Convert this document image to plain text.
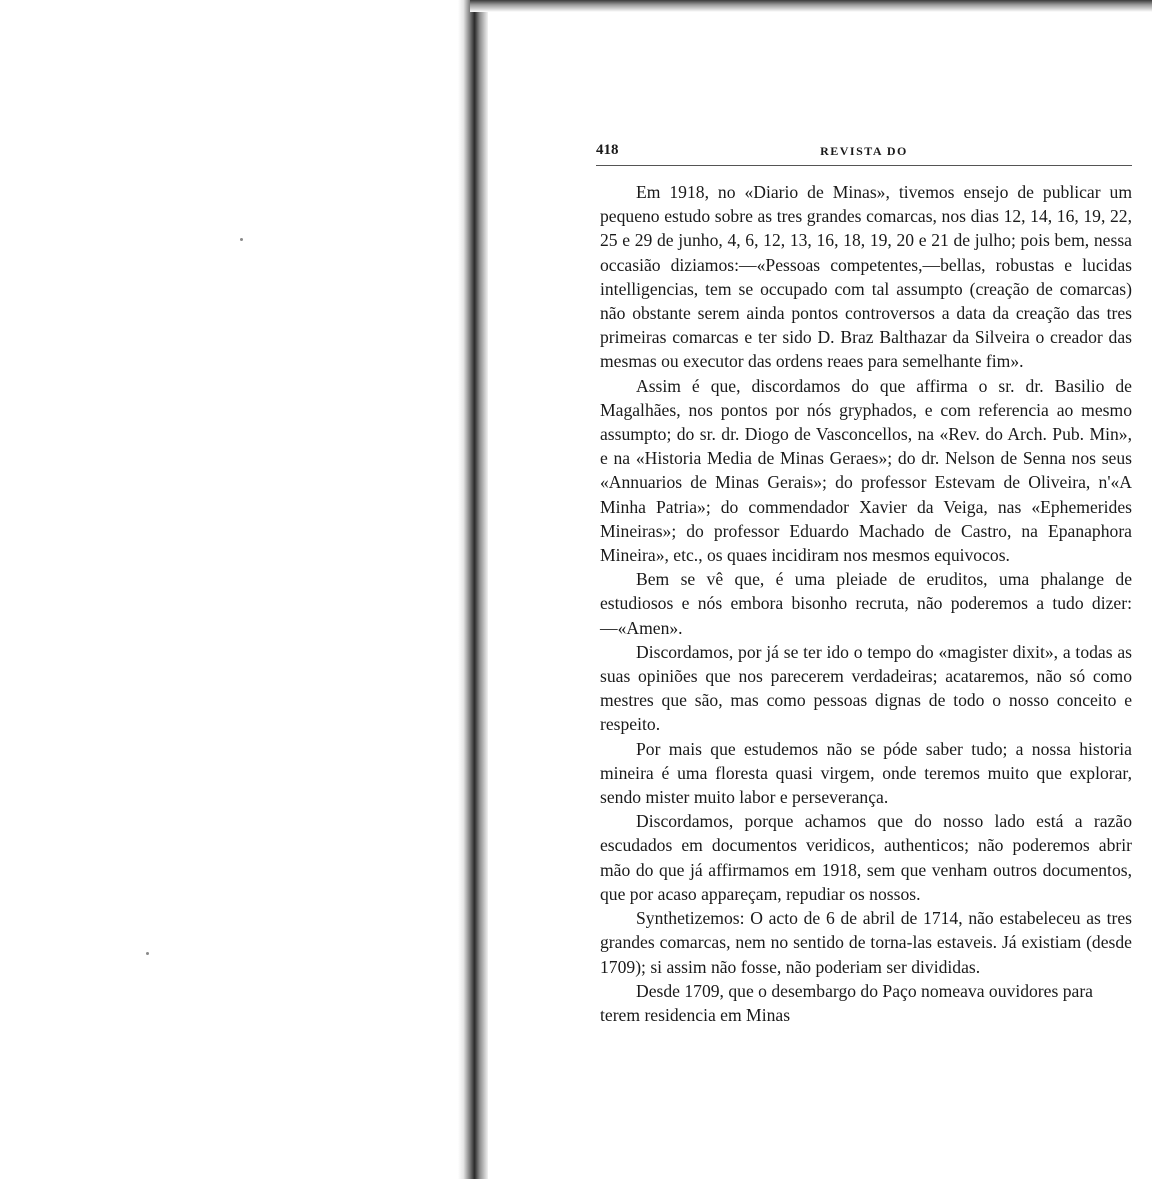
418	REVISTA DO

Em 1918, no «Diario de Minas», tivemos ensejo de publicar um pequeno estudo sobre as tres grandes comarcas, nos dias 12, 14, 16, 19, 22, 25 e 29 de junho, 4, 6, 12, 13, 16, 18, 19, 20 e 21 de julho; pois bem, nessa occasião diziamos:—«Pessoas competentes,—bellas, robustas e lucidas intelligencias, tem se occupado com tal assumpto (creação de comarcas) não obstante serem ainda pontos controversos a data da creação das tres primeiras comarcas e ter sido D. Braz Balthazar da Silveira o creador das mesmas ou executor das ordens reaes para semelhante fim».

Assim é que, discordamos do que affirma o sr. dr. Basilio de Magalhães, nos pontos por nós gryphados, e com referencia ao mesmo assumpto; do sr. dr. Diogo de Vasconcellos, na «Rev. do Arch. Pub. Min», e na «Historia Media de Minas Geraes»; do dr. Nelson de Senna nos seus «Annuarios de Minas Gerais»; do professor Estevam de Oliveira, n'«A Minha Patria»; do commendador Xavier da Veiga, nas «Ephemerides Mineiras»; do professor Eduardo Machado de Castro, na Epanaphora Mineira», etc., os quaes incidiram nos mesmos equivocos.

Bem se vê que, é uma pleiade de eruditos, uma phalange de estudiosos e nós embora bisonho recruta, não poderemos a tudo dizer:—«Amen».

Discordamos, por já se ter ido o tempo do «magister dixit», a todas as suas opiniões que nos parecerem verdadeiras; acataremos, não só como mestres que são, mas como pessoas dignas de todo o nosso conceito e respeito.

Por mais que estudemos não se póde saber tudo; a nossa historia mineira é uma floresta quasi virgem, onde teremos muito que explorar, sendo mister muito labor e perseverança.

Discordamos, porque achamos que do nosso lado está a razão escudados em documentos veridicos, authenticos; não poderemos abrir mão do que já affirmamos em 1918, sem que venham outros documentos, que por acaso appareçam, repudiar os nossos.

Synthetizemos: O acto de 6 de abril de 1714, não estabeleceu as tres grandes comarcas, nem no sentido de torna-las estaveis. Já existiam (desde 1709); si assim não fosse, não poderiam ser divididas.

Desde 1709, que o desembargo do Paço nomeava ouvidores para terem residencia em Minas
